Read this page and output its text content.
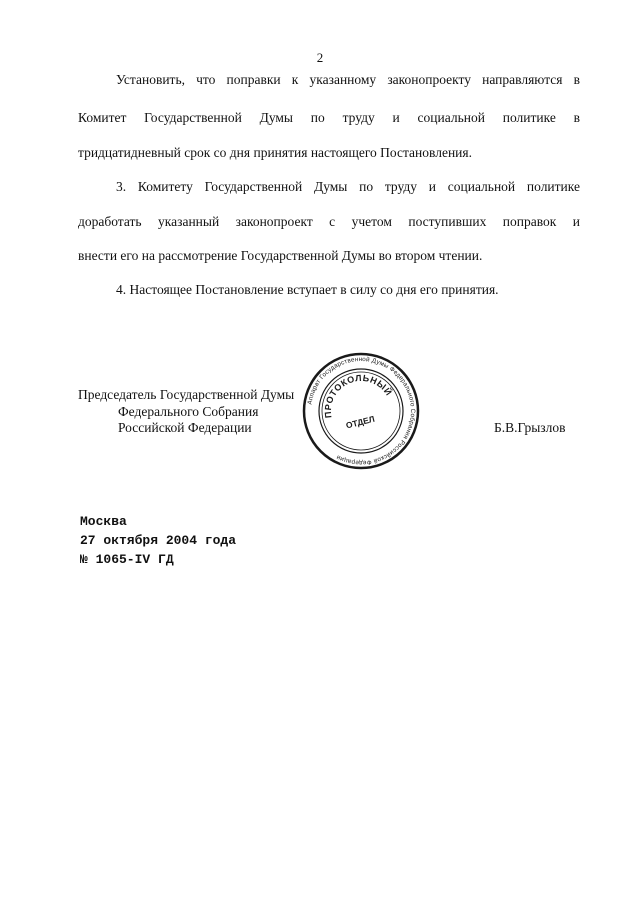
2
Установить, что поправки к указанному законопроекту направляются в
Комитет Государственной Думы по труду и социальной политике в
тридцатидневный срок со дня принятия настоящего Постановления.
3. Комитету Государственной Думы по труду и социальной политике
доработать указанный законопроект с учетом поступивших поправок и
внести его на рассмотрение Государственной Думы во втором чтении.
4. Настоящее Постановление вступает в силу со дня его принятия.
Председатель Государственной Думы
Федерального Собрания
Российской Федерации	Б.В.Грызлов
Аппарат Государственной Думы Федерального Собрания Российской Федерации
ПРОТОКОЛЬНЫЙ
ОТДЕЛ
Москва
27 октября 2004 года
№ 1065-IV ГД
